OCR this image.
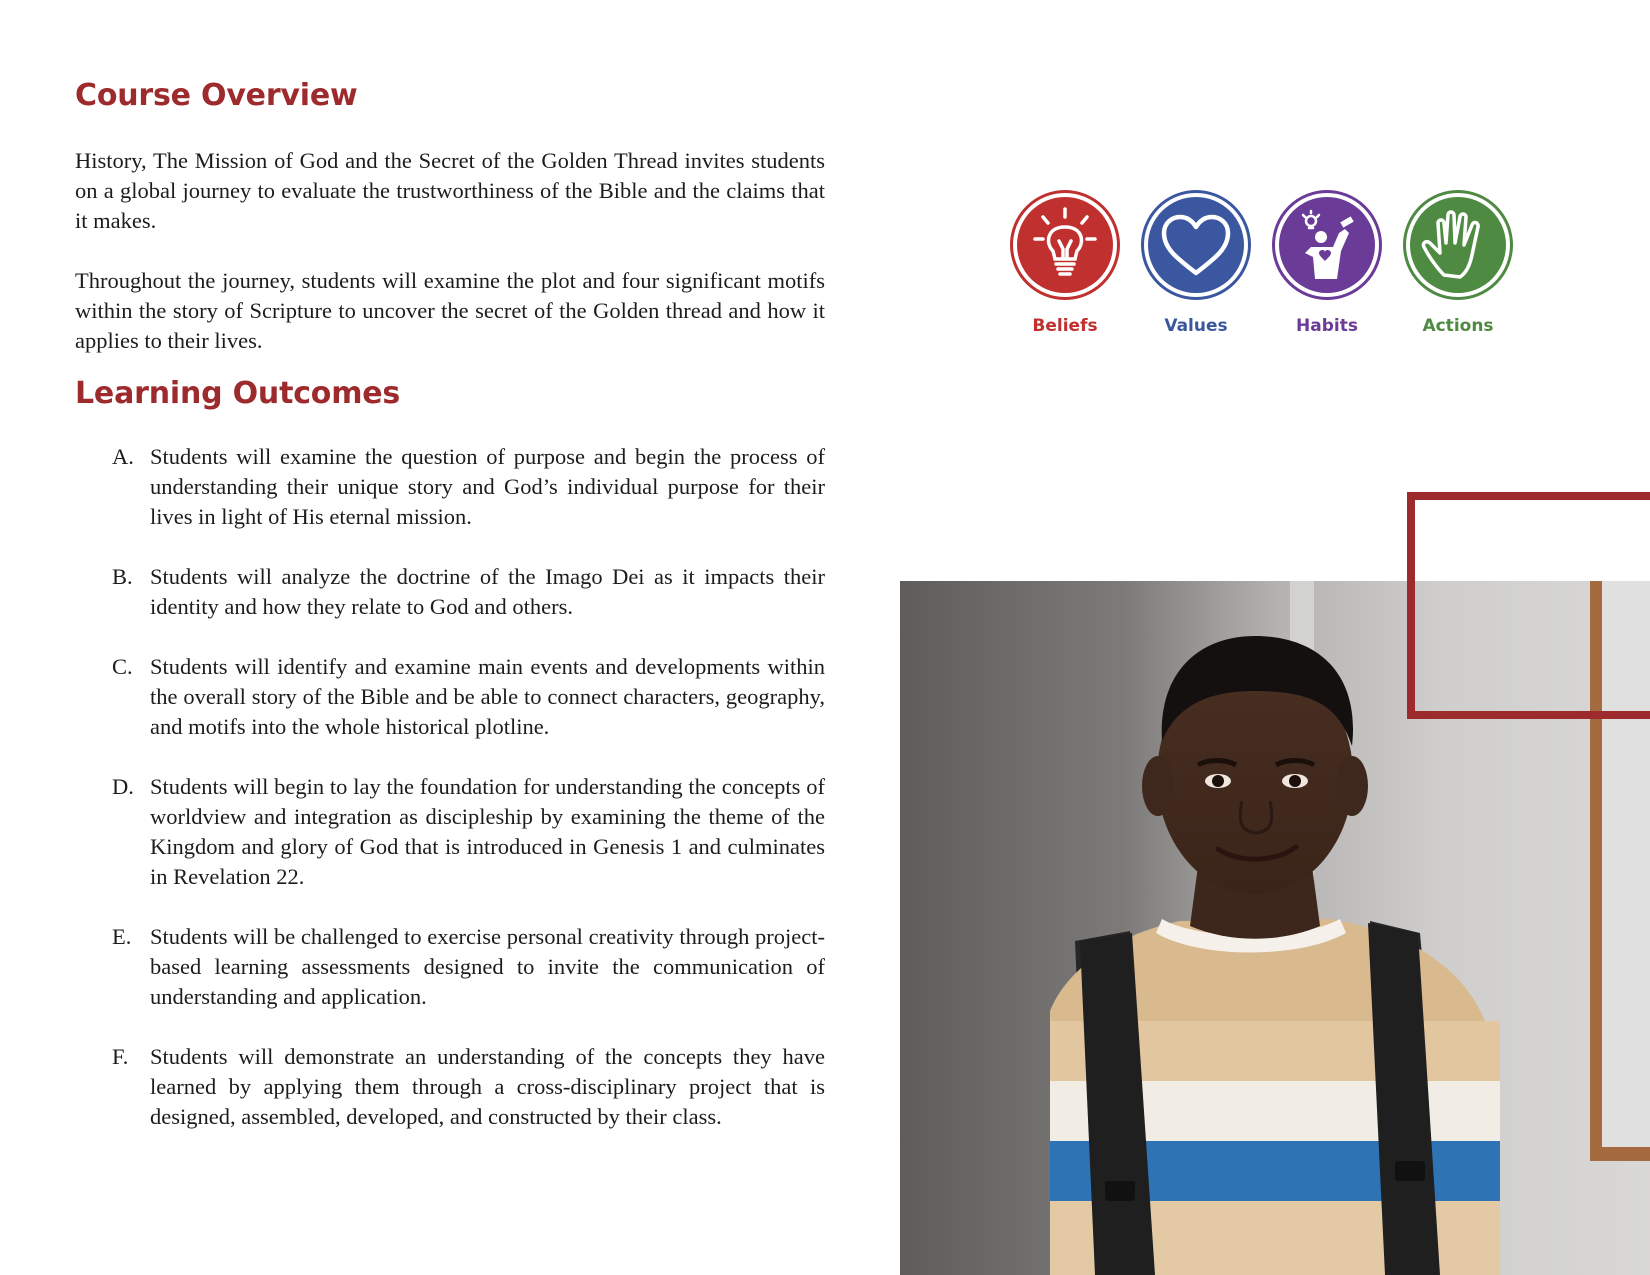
Course Overview

History, The Mission of God and the Secret of the Golden Thread invites students on a global journey to evaluate the trustworthiness of the Bible and the claims that it makes.

Throughout the journey, students will examine the plot and four significant motifs within the story of Scripture to uncover the secret of the Golden thread and how it applies to their lives.

Learning Outcomes
A. Students will examine the question of purpose and begin the process of understanding their unique story and God’s individual purpose for their lives in light of His eternal mission.
B. Students will analyze the doctrine of the Imago Dei as it impacts their identity and how they relate to God and others.
C. Students will identify and examine main events and developments within the overall story of the Bible and be able to connect characters, geography, and motifs into the whole historical plotline.
D. Students will begin to lay the foundation for understanding the concepts of worldview and integration as discipleship by examining the theme of the Kingdom and glory of God that is introduced in Genesis 1 and culminates in Revelation 22.
E. Students will be challenged to exercise personal creativity through project-based learning assessments designed to invite the communication of understanding and application.
F. Students will demonstrate an understanding of the concepts they have learned by applying them through a cross-disciplinary project that is designed, assembled, developed, and constructed by their class.
Beliefs	Values	Habits	Actions
